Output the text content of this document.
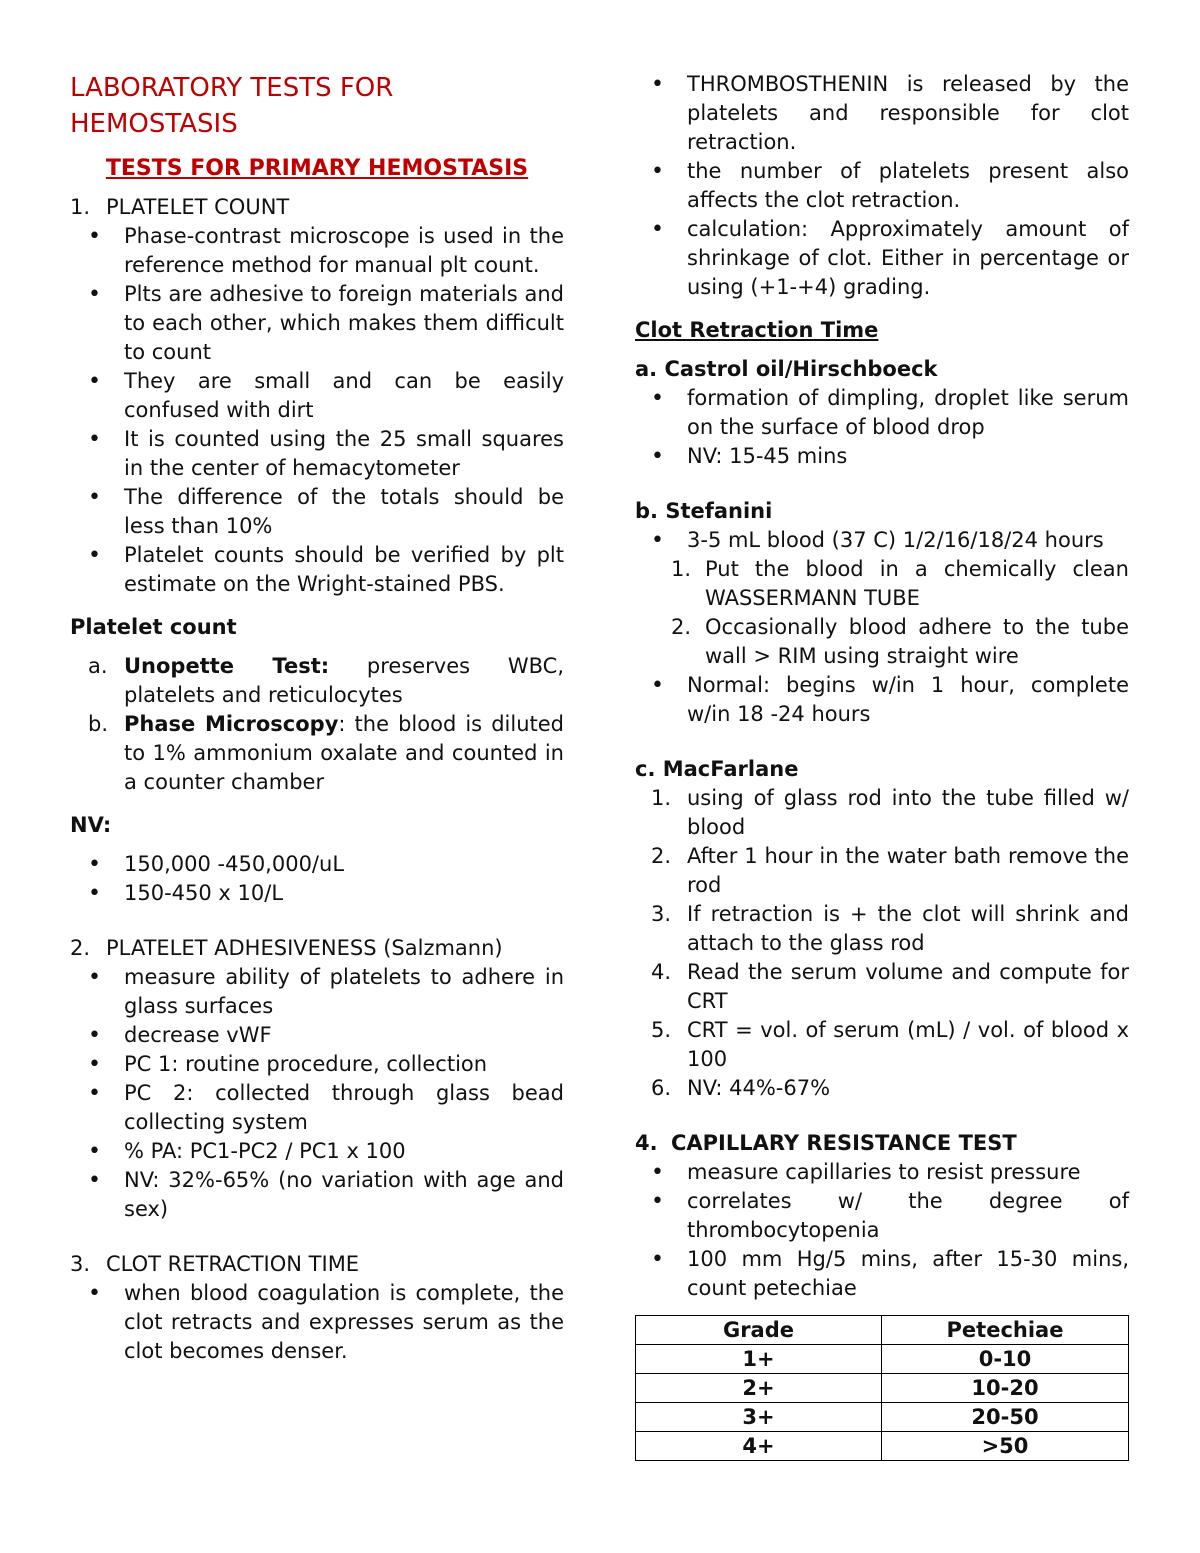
LABORATORY TESTS FOR
HEMOSTASIS
TESTS FOR PRIMARY HEMOSTASIS
1. PLATELET COUNT
• Phase-contrast microscope is used in the reference method for manual plt count.
• Plts are adhesive to foreign materials and to each other, which makes them difficult to count
• They are small and can be easily confused with dirt
• It is counted using the 25 small squares in the center of hemacytometer
• The difference of the totals should be less than 10%
• Platelet counts should be verified by plt estimate on the Wright-stained PBS.
Platelet count
a. Unopette Test: preserves WBC, platelets and reticulocytes
b. Phase Microscopy: the blood is diluted to 1% ammonium oxalate and counted in a counter chamber
NV:
• 150,000 -450,000/uL
• 150-450 x 10/L
2. PLATELET ADHESIVENESS (Salzmann)
• measure ability of platelets to adhere in glass surfaces
• decrease vWF
• PC 1: routine procedure, collection
• PC 2: collected through glass bead collecting system
• % PA: PC1-PC2 / PC1 x 100
• NV: 32%-65% (no variation with age and sex)
3. CLOT RETRACTION TIME
• when blood coagulation is complete, the clot retracts and expresses serum as the clot becomes denser.
• THROMBOSTHENIN is released by the platelets and responsible for clot retraction.
• the number of platelets present also affects the clot retraction.
• calculation: Approximately amount of shrinkage of clot. Either in percentage or using (+1-+4) grading.
Clot Retraction Time
a. Castrol oil/Hirschboeck
• formation of dimpling, droplet like serum on the surface of blood drop
• NV: 15-45 mins
b. Stefanini
• 3-5 mL blood (37 C) 1/2/16/18/24 hours
1. Put the blood in a chemically clean WASSERMANN TUBE
2. Occasionally blood adhere to the tube wall > RIM using straight wire
• Normal: begins w/in 1 hour, complete w/in 18 -24 hours
c. MacFarlane
1. using of glass rod into the tube filled w/ blood
2. After 1 hour in the water bath remove the rod
3. If retraction is + the clot will shrink and attach to the glass rod
4. Read the serum volume and compute for CRT
5. CRT = vol. of serum (mL) / vol. of blood x 100
6. NV: 44%-67%
4. CAPILLARY RESISTANCE TEST
• measure capillaries to resist pressure
• correlates w/ the degree of thrombocytopenia
• 100 mm Hg/5 mins, after 15-30 mins, count petechiae
Grade	Petechiae
1+	0-10
2+	10-20
3+	20-50
4+	>50
